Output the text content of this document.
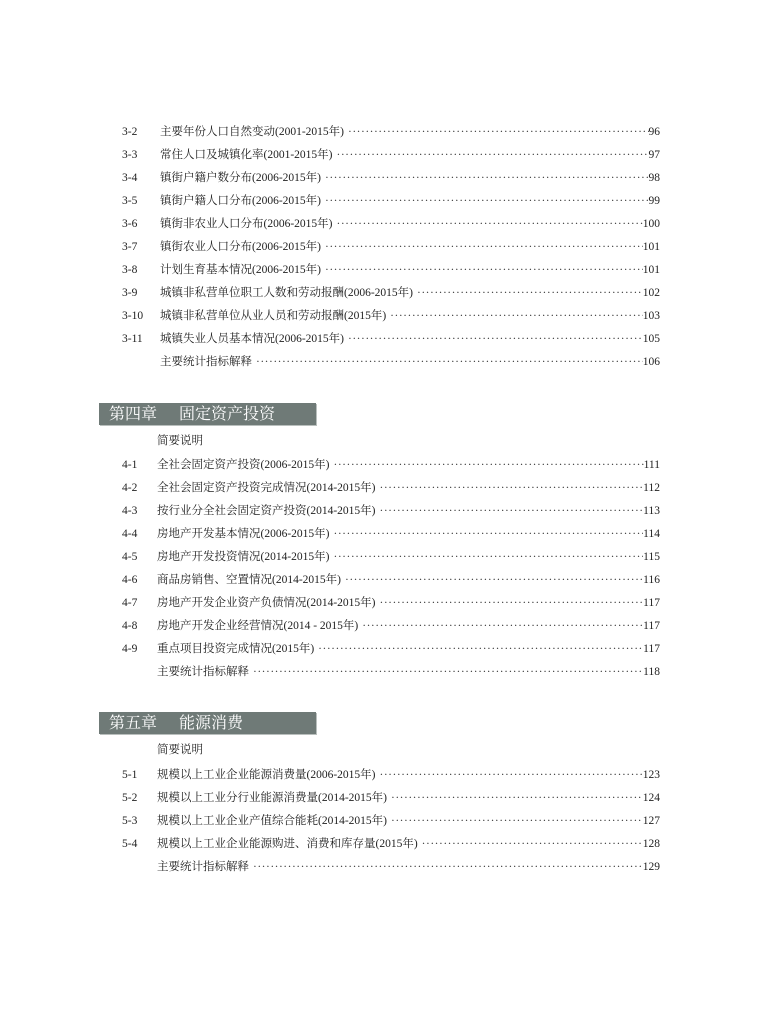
3-2 主要年份人口自然变动(2001-2015年) ·····	96
3-3 常住人口及城镇化率(2001-2015年) ·····	97
3-4 镇街户籍户数分布(2006-2015年) ·····	98
3-5 镇街户籍人口分布(2006-2015年) ·····	99
3-6 镇街非农业人口分布(2006-2015年) ·····	100
3-7 镇街农业人口分布(2006-2015年) ·····	101
3-8 计划生育基本情况(2006-2015年) ·····	101
3-9 城镇非私营单位职工人数和劳动报酬(2006-2015年) ·····	102
3-10 城镇非私营单位从业人员和劳动报酬(2015年) ·····	103
3-11 城镇失业人员基本情况(2006-2015年) ·····	105
主要统计指标解释 ·····	106
第四章 固定资产投资
简要说明
4-1 全社会固定资产投资(2006-2015年) ·····	111
4-2 全社会固定资产投资完成情况(2014-2015年) ·····	112
4-3 按行业分全社会固定资产投资(2014-2015年) ·····	113
4-4 房地产开发基本情况(2006-2015年) ·····	114
4-5 房地产开发投资情况(2014-2015年) ·····	115
4-6 商品房销售、空置情况(2014-2015年) ·····	116
4-7 房地产开发企业资产负债情况(2014-2015年) ·····	117
4-8 房地产开发企业经营情况(2014 - 2015年) ·····	117
4-9 重点项目投资完成情况(2015年) ·····	117
主要统计指标解释 ·····	118
第五章 能源消费
简要说明
5-1 规模以上工业企业能源消费量(2006-2015年) ·····	123
5-2 规模以上工业分行业能源消费量(2014-2015年) ·····	124
5-3 规模以上工业企业产值综合能耗(2014-2015年) ·····	127
5-4 规模以上工业企业能源购进、消费和库存量(2015年) ·····	128
主要统计指标解释 ·····	129
